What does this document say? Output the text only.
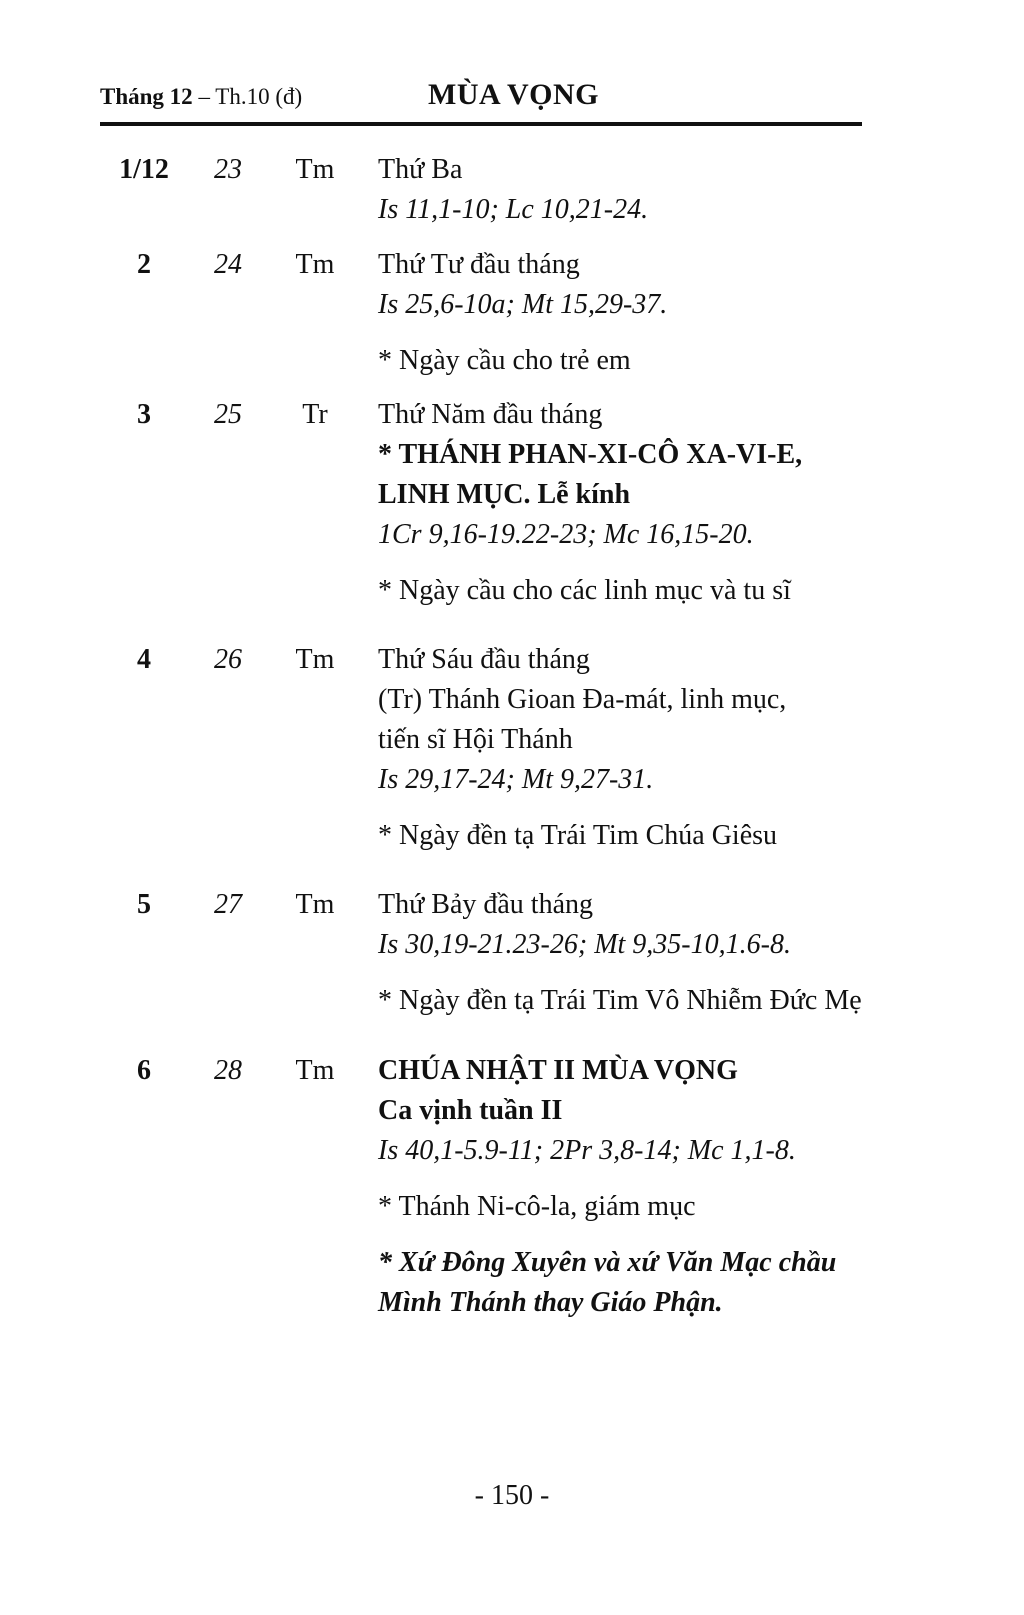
Tháng 12 – Th.10 (đ)	MÙA VỌNG
1/12	23	Tm	Thứ Ba
Is 11,1-10; Lc 10,21-24.
2	24	Tm	Thứ Tư đầu tháng
Is 25,6-10a; Mt 15,29-37.
* Ngày cầu cho trẻ em
3	25	Tr	Thứ Năm đầu tháng
* THÁNH PHAN-XI-CÔ XA-VI-E,
LINH MỤC. Lễ kính
1Cr 9,16-19.22-23; Mc 16,15-20.
* Ngày cầu cho các linh mục và tu sĩ
4	26	Tm	Thứ Sáu đầu tháng
(Tr) Thánh Gioan Đa-mát, linh mục,
tiến sĩ Hội Thánh
Is 29,17-24; Mt 9,27-31.
* Ngày đền tạ Trái Tim Chúa Giêsu
5	27	Tm	Thứ Bảy đầu tháng
Is 30,19-21.23-26; Mt 9,35-10,1.6-8.
* Ngày đền tạ Trái Tim Vô Nhiễm Đức Mẹ
6	28	Tm	CHÚA NHẬT II MÙA VỌNG
Ca vịnh tuần II
Is 40,1-5.9-11; 2Pr 3,8-14; Mc 1,1-8.
* Thánh Ni-cô-la, giám mục
* Xứ Đông Xuyên và xứ Văn Mạc chầu
Mình Thánh thay Giáo Phận.
- 150 -
